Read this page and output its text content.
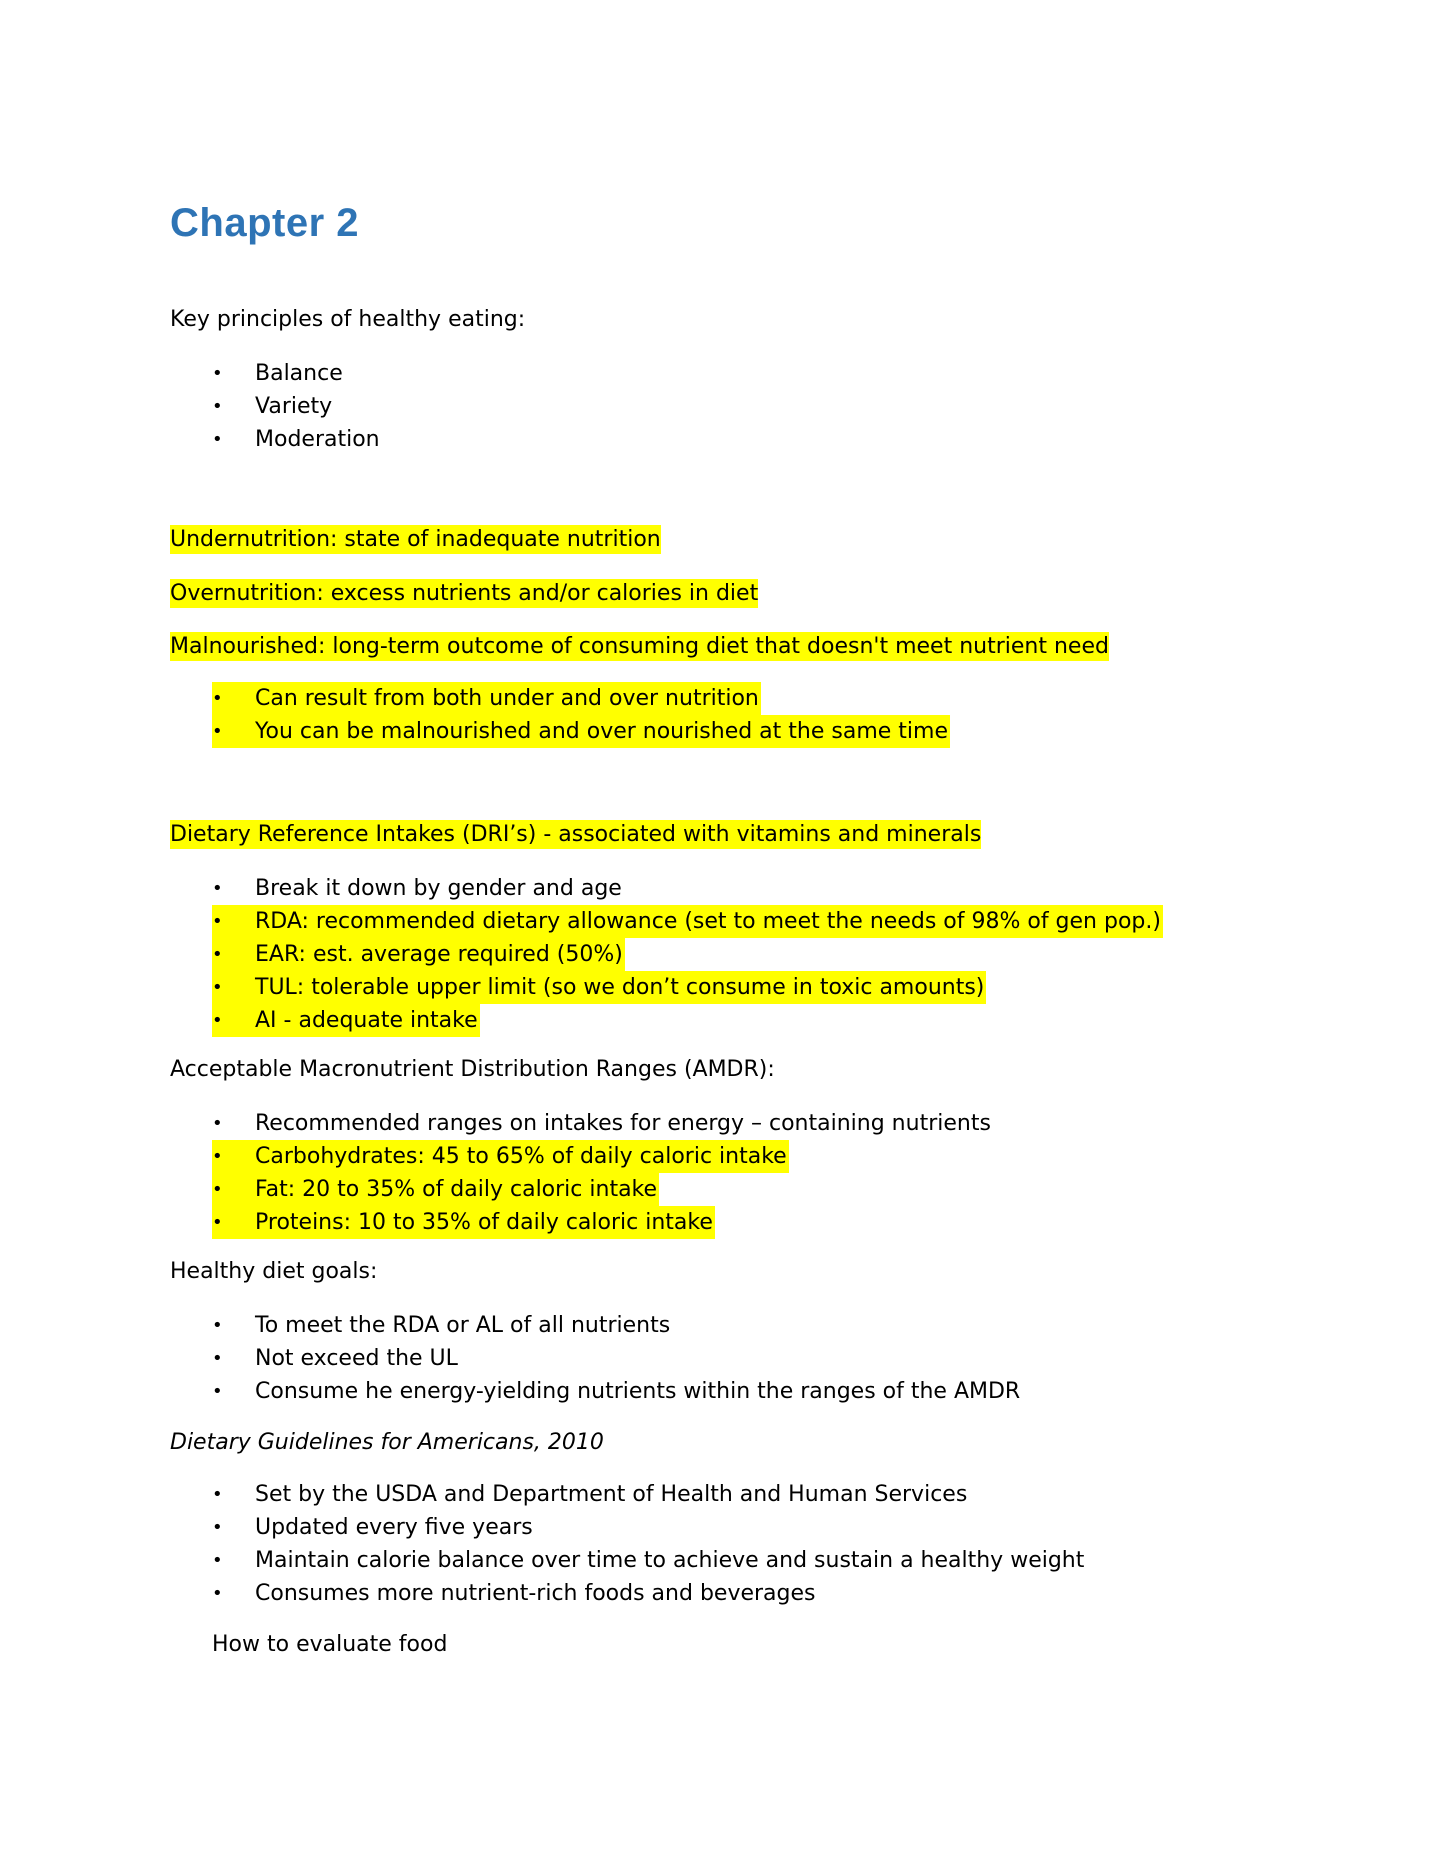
Chapter 2

Key principles of healthy eating:

•	Balance
•	Variety
•	Moderation

Undernutrition: state of inadequate nutrition

Overnutrition: excess nutrients and/or calories in diet

Malnourished: long-term outcome of consuming diet that doesn't meet nutrient need

•	Can result from both under and over nutrition
•	You can be malnourished and over nourished at the same time

Dietary Reference Intakes (DRI’s) - associated with vitamins and minerals

•	Break it down by gender and age
•	RDA: recommended dietary allowance (set to meet the needs of 98% of gen pop.)
•	EAR: est. average required (50%)
•	TUL: tolerable upper limit (so we don’t consume in toxic amounts)
•	AI - adequate intake

Acceptable Macronutrient Distribution Ranges (AMDR):

•	Recommended ranges on intakes for energy – containing nutrients
•	Carbohydrates: 45 to 65% of daily caloric intake
•	Fat: 20 to 35% of daily caloric intake
•	Proteins: 10 to 35% of daily caloric intake

Healthy diet goals:

•	To meet the RDA or AL of all nutrients
•	Not exceed the UL
•	Consume he energy-yielding nutrients within the ranges of the AMDR

Dietary Guidelines for Americans, 2010

•	Set by the USDA and Department of Health and Human Services
•	Updated every five years
•	Maintain calorie balance over time to achieve and sustain a healthy weight
•	Consumes more nutrient-rich foods and beverages

How to evaluate food
